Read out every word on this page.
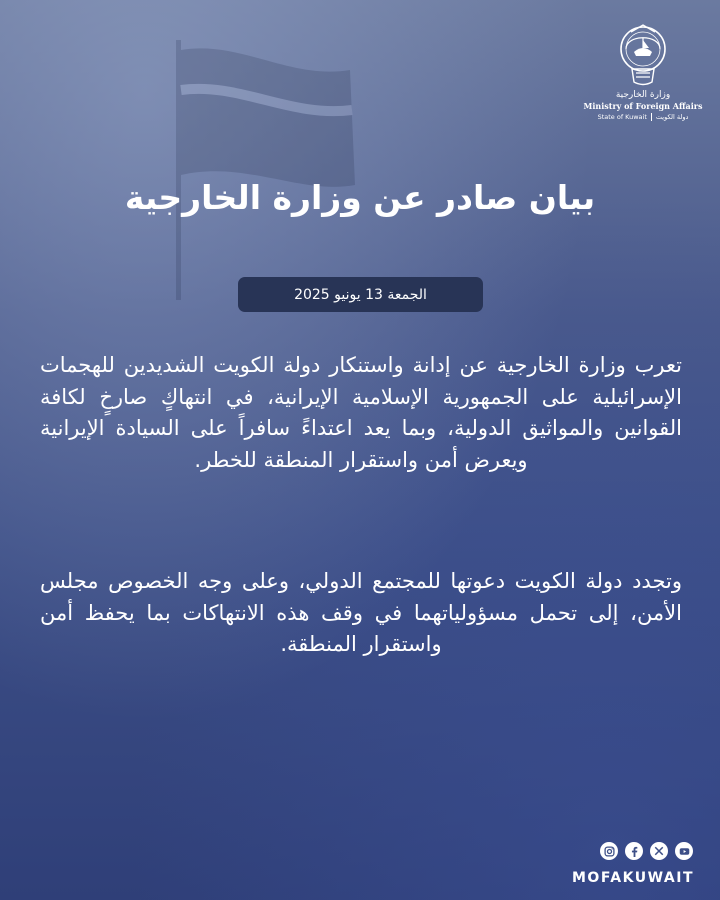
وزارة الخارجية
Ministry of Foreign Affairs
State of Kuwait دولة الكويت
بيان صادر عن وزارة الخارجية
الجمعة 13 يونيو 2025

تعرب وزارة الخارجية عن إدانة واستنكار دولة الكويت الشديدين للهجمات الإسرائيلية على الجمهورية الإسلامية الإيرانية، في انتهاكٍ صارخٍ لكافة القوانين والمواثيق الدولية، وبما يعد اعتداءً سافراً على السيادة الإيرانية ويعرض أمن واستقرار المنطقة للخطر.

وتجدد دولة الكويت دعوتها للمجتمع الدولي، وعلى وجه الخصوص مجلس الأمن، إلى تحمل مسؤولياتهما في وقف هذه الانتهاكات بما يحفظ أمن واستقرار المنطقة.

MOFAKUWAIT
